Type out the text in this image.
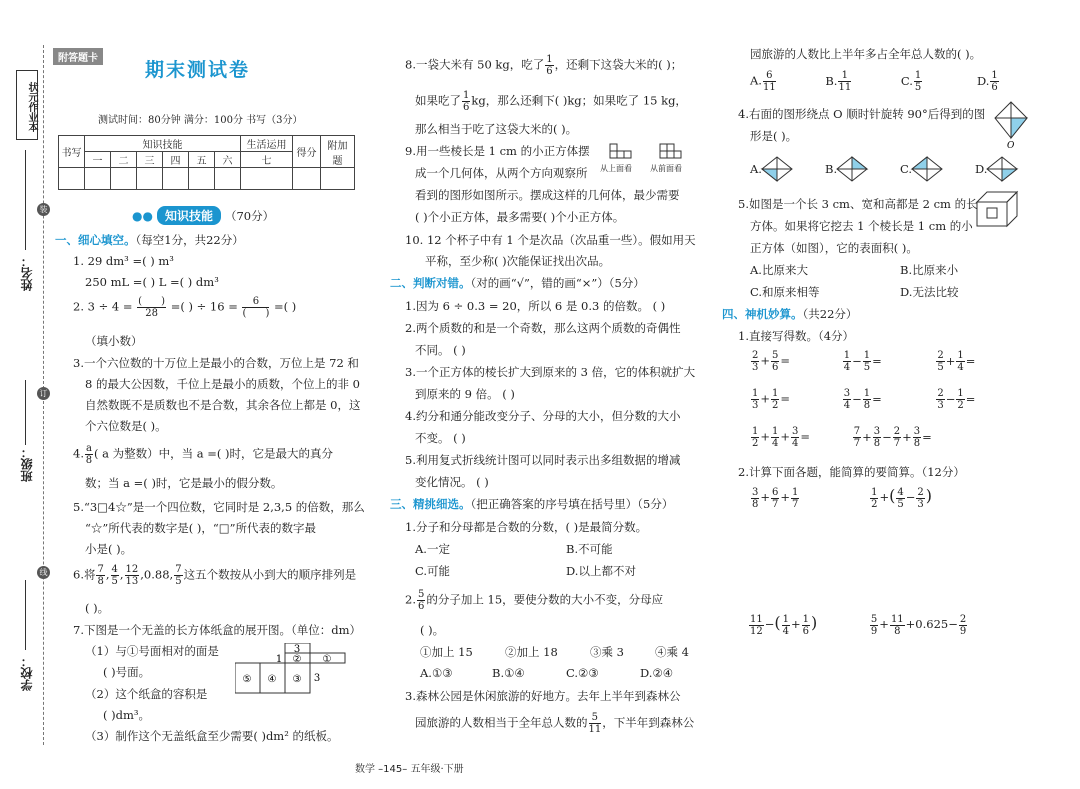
状元作业本
姓名：
班级：
学校：
装
订
线
附答题卡
期末测试卷
测试时间：80分钟 满分：100分 书写（3分）
书写	知识技能						生活运用	得分	附加题
	一	二	三	四	五	六	七		

●●	知识技能	（70分）
一、细心填空。（每空1分，共22分）
1. 29 dm³ =( ) m³
250 mL =( ) L =( ) dm³
2. $3 \div 4 = \frac{( )}{28}$ =( ) ÷ $16 = \frac{6}{( )}$ =( )
（填小数）
3.一个六位数的十万位上是最小的合数，万位上是 72 和
8 的最大公因数，千位上是最小的质数，个位上的非 0
自然数既不是质数也不是合数，其余各位上都是 0，这
个六位数是( )。
4. $\frac{a}{8}$ ( a 为整数）中，当 a =( )时，它是最大的真分
数；当 a =( )时，它是最小的假分数。
5.“3□4☆”是一个四位数，它同时是 2,3,5 的倍数，那么
“☆”所代表的数字是( )，“□”所代表的数字最
小是( )。
6.将 $\frac{7}{8}$ , $\frac{4}{5}$ , $\frac{12}{13} ,0.88$, $\frac{7}{5}$ 这五个数按从小到大的顺序排列是
( )。
7.下图是一个无盖的长方体纸盒的展开图。（单位：dm）
（1）与①号面相对的面是
( )号面。
（2）这个纸盒的容积是
( )dm³。
（3）制作这个无盖纸盒至少需要( )dm² 的纸板。
⑤ ④ ③
② ①
3
1
3
8.一袋大米有 50 kg，吃了 $\frac{1}{6}$ ，还剩下这袋大米的( )；
如果吃了 $\frac{1}{6}$ kg，那么还剩下( )kg；如果吃了 15 kg，
那么相当于吃了这袋大米的( )。
9.用一些棱长是 1 cm 的小正方体摆
成一个几何体，从两个方向观察所
看到的图形如图所示。摆成这样的几何体，最少需要
( )个小正方体，最多需要( )个小正方体。
从上面看 从前面看
10. 12 个杯子中有 1 个是次品（次品重一些）。假如用天
平称，至少称( )次能保证找出次品。
二、判断对错。（对的画“√”，错的画“×”）（5分）
1.因为 6 ÷ 0.3 = 20，所以 6 是 0.3 的倍数。 ( )
2.两个质数的和是一个奇数，那么这两个质数的奇偶性
不同。 ( )
3.一个正方体的棱长扩大到原来的 3 倍，它的体积就扩大
到原来的 9 倍。 ( )
4.约分和通分能改变分子、分母的大小，但分数的大小
不变。 ( )
5.利用复式折线统计图可以同时表示出多组数据的增减
变化情况。 ( )
三、精挑细选。（把正确答案的序号填在括号里）（5分）
1.分子和分母都是合数的分数，( )是最简分数。
A.一定	B.不可能
C.可能	D.以上都不对
2. $\frac{5}{6}$ 的分子加上 15，要使分数的大小不变，分母应
( )。
①加上 15	②加上 18	③乘 3	④乘 4
A.①③	B.①④	C.②③	D.②④
3.森林公园是休闲旅游的好地方。去年上半年到森林公
园旅游的人数相当于全年总人数的 $\frac{5}{11}$ ，下半年到森林公
数学 –145– 五年级·下册
园旅游的人数比上半年多占全年总人数的( )。
A. $\frac{6}{11}$	B. $\frac{1}{11}$	C. $\frac{1}{5}$	D. $\frac{1}{6}$
4.右面的图形绕点 O 顺时针旋转 90°后得到的图
形是( )。
O
A.	B.	C.	D.
5.如图是一个长 3 cm、宽和高都是 2 cm 的长
方体。如果将它挖去 1 个棱长是 1 cm 的小
正方体（如图），它的表面积( )。
A.比原来大	B.比原来小
C.和原来相等	D.无法比较
四、神机妙算。（共22分）
1.直接写得数。（4分）
$\frac{2}{3} + \frac{5}{6}$ =	$\frac{1}{4} - \frac{1}{5}$ =	$\frac{2}{5} + \frac{1}{4}$ =
$\frac{1}{3} + \frac{1}{2}$ =	$\frac{3}{4} - \frac{1}{8}$ =	$\frac{2}{3} - \frac{1}{2}$ =
$\frac{1}{2} + \frac{1}{4} + \frac{3}{4}$ =	$\frac{7}{7} + \frac{3}{8} - \frac{2}{7} + \frac{3}{8}$ =
2.计算下面各题，能简算的要简算。（12分）
$\frac{3}{8} + \frac{6}{7} + \frac{1}{7}$
	$\frac{1}{2}$ +( $\frac{4}{5} - \frac{2}{3}$ )
$\frac{11}{12}$ −( $\frac{1}{4} + \frac{1}{6}$ )	$\frac{5}{9} + \frac{11}{8} +0.625- \frac{2}{9}$
